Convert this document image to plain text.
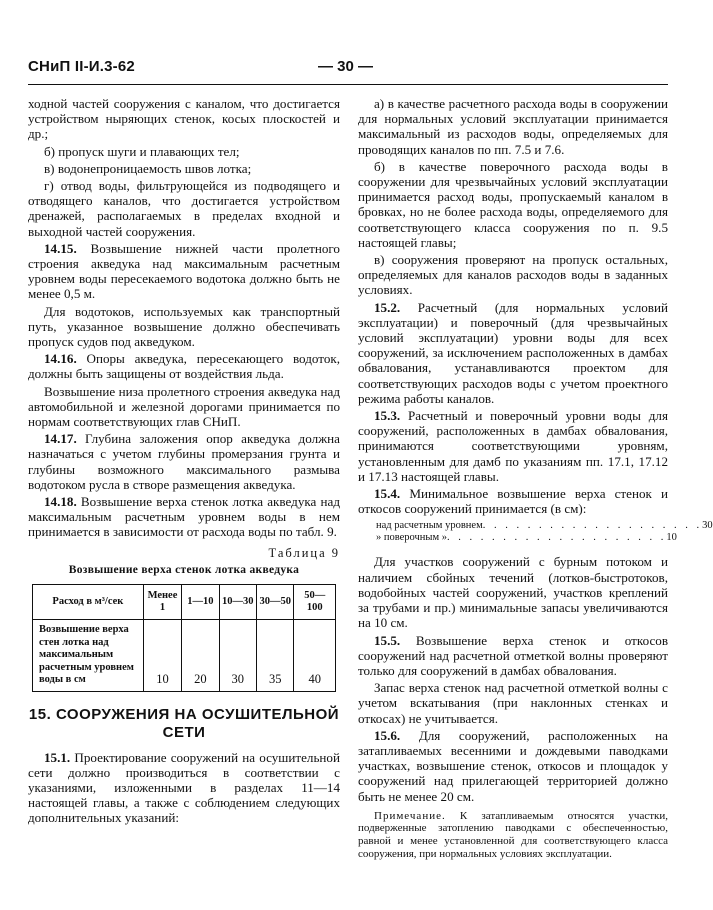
СНиП II-И.3-62	— 30 —

ходной частей сооружения с каналом, что достигается устройством ныряющих стенок, косых плоскостей и др.;

б) пропуск шуги и плавающих тел;

в) водонепроницаемость швов лотка;

г) отвод воды, фильтрующейся из подводящего и отводящего каналов, что достигается устройством дренажей, располагаемых в пределах входной и выходной частей сооружения.

14.15. Возвышение нижней части пролетного строения акведука над максимальным расчетным уровнем воды пересекаемого водотока должно быть не менее 0,5 м.

Для водотоков, используемых как транспортный путь, указанное возвышение должно обеспечивать пропуск судов под акведуком.

14.16. Опоры акведука, пересекающего водоток, должны быть защищены от воздействия льда.

Возвышение низа пролетного строения акведука над автомобильной и железной дорогами принимается по нормам соответствующих глав СНиП.

14.17. Глубина заложения опор акведука должна назначаться с учетом глубины промерзания грунта и глубины возможного максимального размыва водотоком русла в створе размещения акведука.

14.18. Возвышение верха стенок лотка акведука над максимальным расчетным уровнем воды в нем принимается в зависимости от расхода воды по табл. 9.

Таблица 9
Возвышение верха стенок лотка акведука
Расход в м³/сек	Менее 1	1—10	10—30	30—50	50—100
Возвышение верха стен лотка над максимальным расчетным уровнем воды в см	10	20	30	35	40
15. СООРУЖЕНИЯ НА ОСУШИТЕЛЬНОЙ СЕТИ

15.1. Проектирование сооружений на осушительной сети должно производиться в соответствии с указаниями, изложенными в разделах 11—14 настоящей главы, а также с соблюдением следующих дополнительных указаний:

а) в качестве расчетного расхода воды в сооружении для нормальных условий эксплуатации принимается максимальный из расходов воды, определяемых для проводящих каналов по пп. 7.5 и 7.6.

б) в качестве поверочного расхода воды в сооружении для чрезвычайных условий эксплуатации принимается расход воды, пропускаемый каналом в бровках, но не более расхода воды, определяемого для соответствующего класса сооружения по п. 9.5 настоящей главы;

в) сооружения проверяют на пропуск остальных, определяемых для каналов расходов воды в заданных условиях.

15.2. Расчетный (для нормальных условий эксплуатации) и поверочный (для чрезвычайных условий эксплуатации) уровни воды для всех сооружений, за исключением расположенных в дамбах обвалования, устанавливаются проектом для соответствующих расходов воды с учетом проектного режима работы каналов.

15.3. Расчетный и поверочный уровни воды для сооружений, расположенных в дамбах обвалования, принимаются соответствующими уровням, установленным для дамб по указаниям пп. 17.1, 17.12 и 17.13 настоящей главы.

15.4. Минимальное возвышение верха стенок и откосов сооружений принимается (в см):

над расчетным уровнем . . . . . . . . . . . . . . . . . . . . 30
» поверочным » . . . . . . . . . . . . . . . . . . . . 10

Для участков сооружений с бурным потоком и наличием сбойных течений (лотков-быстротоков, водобойных частей сооружений, участков креплений за трубами и пр.) минимальные запасы увеличиваются на 10 см.

15.5. Возвышение верха стенок и откосов сооружений над расчетной отметкой волны проверяют только для сооружений в дамбах обвалования.

Запас верха стенок над расчетной отметкой волны с учетом вскатывания (при наклонных стенках и откосах) не учитывается.

15.6. Для сооружений, расположенных на затапливаемых весенними и дождевыми паводками участках, возвышение стенок, откосов и площадок у сооружений над прилегающей территорией должно быть не менее 20 см.

Примечание. К затапливаемым относятся участки, подверженные затоплению паводками с обеспеченностью, равной и менее установленной для соответствующего класса сооружения, при нормальных условиях эксплуатации.
